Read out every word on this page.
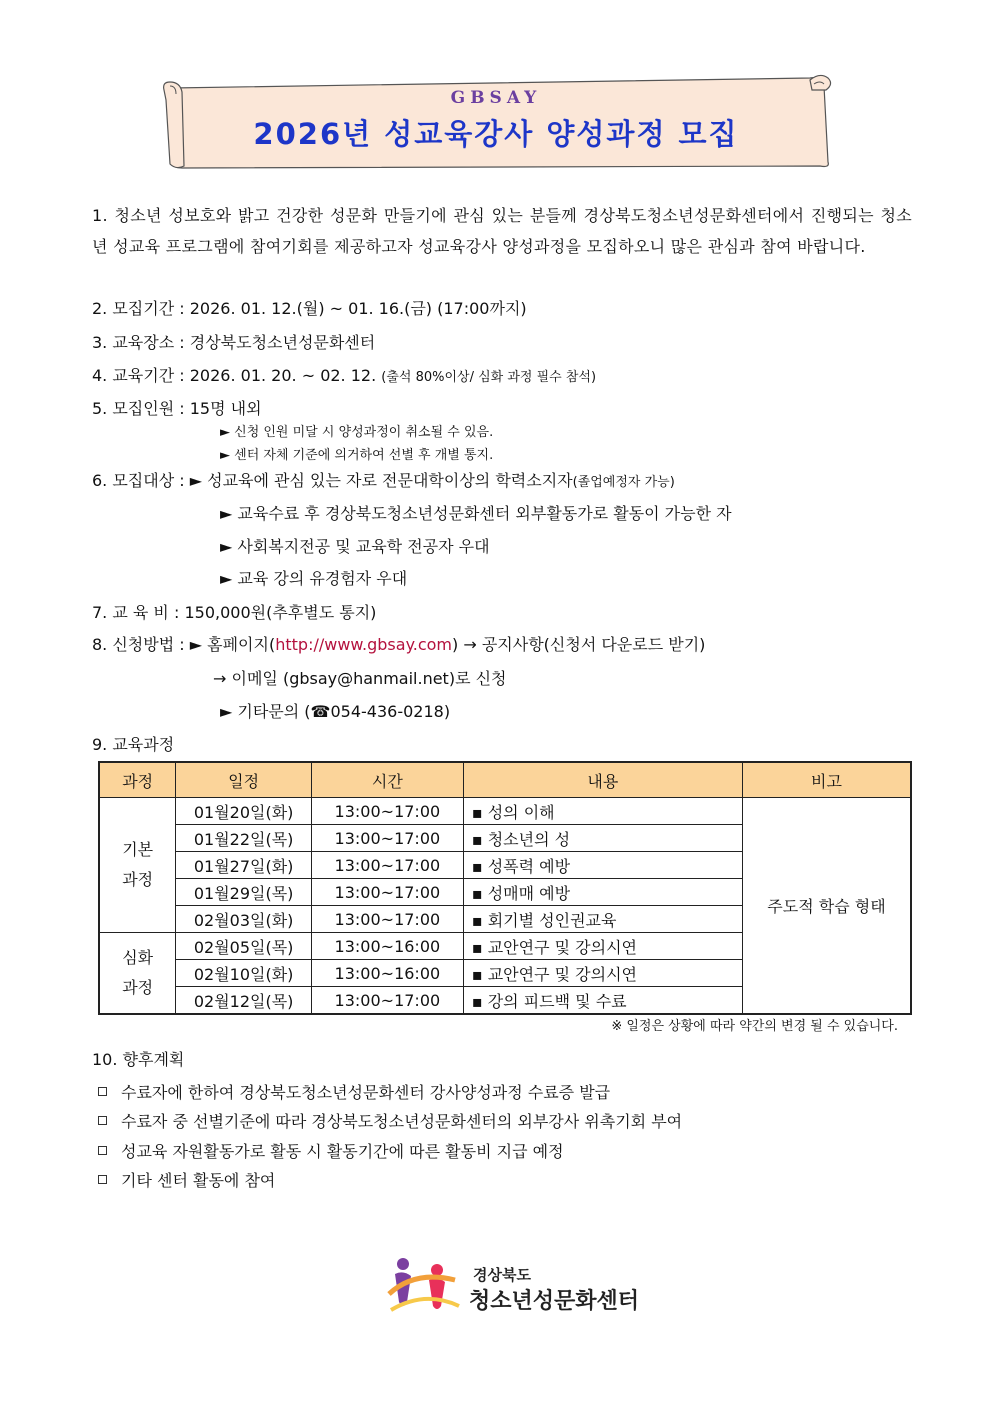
GBSAY
2026년 성교육강사 양성과정 모집
1. 청소년 성보호와 밝고 건강한 성문화 만들기에 관심 있는 분들께 경상북도청소년성문화센터에서 진행되는 청소년 성교육 프로그램에 참여기회를 제공하고자 성교육강사 양성과정을 모집하오니 많은 관심과 참여 바랍니다.
2. 모집기간 : 2026. 01. 12.(월) ~ 01. 16.(금) (17:00까지)
3. 교육장소 : 경상북도청소년성문화센터
4. 교육기간 : 2026. 01. 20. ~ 02. 12. (출석 80%이상/ 심화 과정 필수 참석)
5. 모집인원 : 15명 내외
► 신청 인원 미달 시 양성과정이 취소될 수 있음.
► 센터 자체 기준에 의거하여 선별 후 개별 통지.
6. 모집대상 : ► 성교육에 관심 있는 자로 전문대학이상의 학력소지자(졸업예정자 가능)
► 교육수료 후 경상북도청소년성문화센터 외부활동가로 활동이 가능한 자
► 사회복지전공 및 교육학 전공자 우대
► 교육 강의 유경험자 우대
7. 교 육 비 : 150,000원(추후별도 통지)
8. 신청방법 : ► 홈페이지(http://www.gbsay.com) → 공지사항(신청서 다운로드 받기)
→ 이메일 (gbsay@hanmail.net)로 신청
► 기타문의 (☎054-436-0218)
9. 교육과정
과정	일정	시간	내용	비고
기본
과정	01월20일(화)	13:00~17:00	▪ 성의 이해	주도적 학습 형태
	01월22일(목)	13:00~17:00	▪ 청소년의 성	
	01월27일(화)	13:00~17:00	▪ 성폭력 예방	
	01월29일(목)	13:00~17:00	▪ 성매매 예방	
	02월03일(화)	13:00~17:00	▪ 회기별 성인권교육	
심화
과정	02월05일(목)	13:00~16:00	▪ 교안연구 및 강의시연	
	02월10일(화)	13:00~16:00	▪ 교안연구 및 강의시연	
	02월12일(목)	13:00~17:00	▪ 강의 피드백 및 수료	
※ 일정은 상황에 따라 약간의 변경 될 수 있습니다.
10. 향후계획
수료자에 한하여 경상북도청소년성문화센터 강사양성과정 수료증 발급
수료자 중 선별기준에 따라 경상북도청소년성문화센터의 외부강사 위촉기회 부여
성교육 자원활동가로 활동 시 활동기간에 따른 활동비 지급 예정
기타 센터 활동에 참여
경상북도
청소년성문화센터
